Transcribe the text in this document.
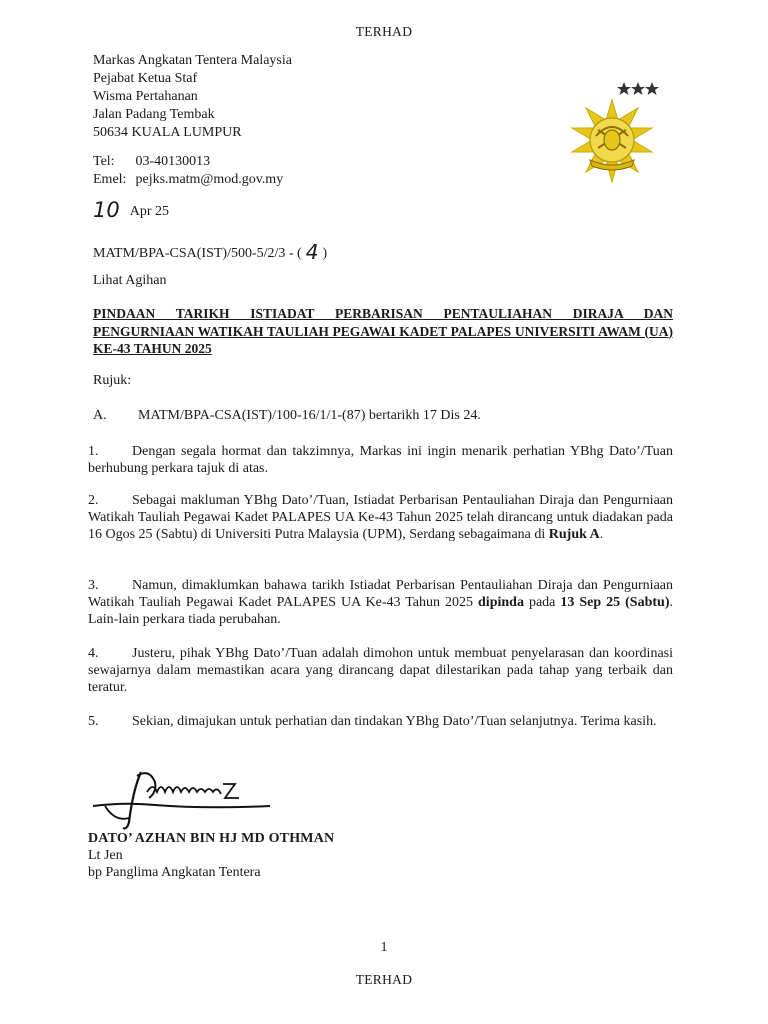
TERHAD
Markas Angkatan Tentera Malaysia
Pejabat Ketua Staf
Wisma Pertahanan
Jalan Padang Tembak
50634 KUALA LUMPUR
Tel: 03-40130013
Emel: pejks.matm@mod.gov.my
10 Apr 25
MATM/BPA-CSA(IST)/500-5/2/3 - ( 4 )
Lihat Agihan
PINDAAN TARIKH ISTIADAT PERBARISAN PENTAULIAHAN DIRAJA DAN PENGURNIAAN WATIKAH TAULIAH PEGAWAI KADET PALAPES UNIVERSITI AWAM (UA) KE-43 TAHUN 2025
Rujuk:
A. MATM/BPA-CSA(IST)/100-16/1/1-(87) bertarikh 17 Dis 24.
1. Dengan segala hormat dan takzimnya, Markas ini ingin menarik perhatian YBhg Dato’/Tuan berhubung perkara tajuk di atas.
2. Sebagai makluman YBhg Dato’/Tuan, Istiadat Perbarisan Pentauliahan Diraja dan Pengurniaan Watikah Tauliah Pegawai Kadet PALAPES UA Ke-43 Tahun 2025 telah dirancang untuk diadakan pada 16 Ogos 25 (Sabtu) di Universiti Putra Malaysia (UPM), Serdang sebagaimana di Rujuk A.
3. Namun, dimaklumkan bahawa tarikh Istiadat Perbarisan Pentauliahan Diraja dan Pengurniaan Watikah Tauliah Pegawai Kadet PALAPES UA Ke-43 Tahun 2025 dipinda pada 13 Sep 25 (Sabtu). Lain-lain perkara tiada perubahan.
4. Justeru, pihak YBhg Dato’/Tuan adalah dimohon untuk membuat penyelarasan dan koordinasi sewajarnya dalam memastikan acara yang dirancang dapat dilestarikan pada tahap yang terbaik dan teratur.
5. Sekian, dimajukan untuk perhatian dan tindakan YBhg Dato’/Tuan selanjutnya. Terima kasih.
DATO’ AZHAN BIN HJ MD OTHMAN
Lt Jen
bp Panglima Angkatan Tentera
1
TERHAD
